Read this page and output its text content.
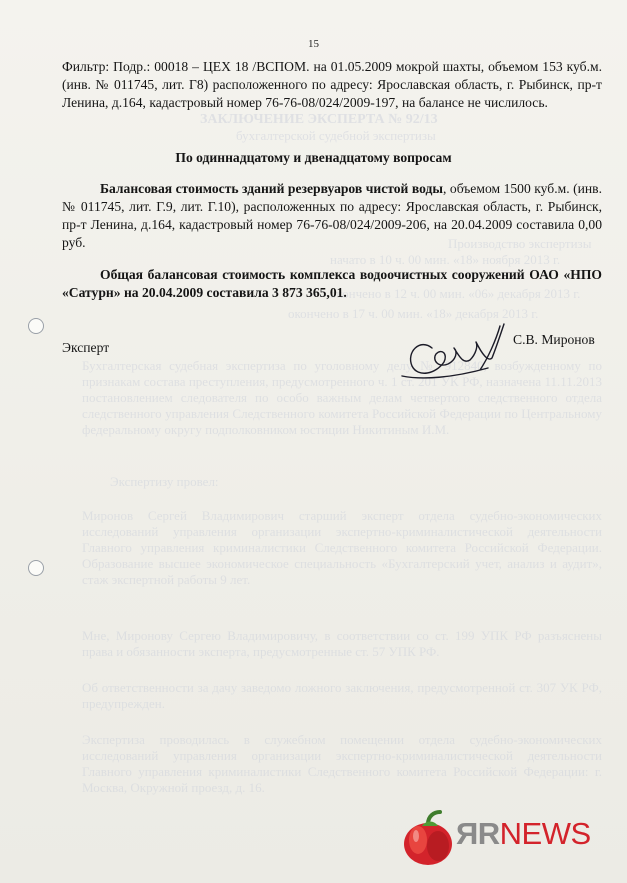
ЗАКЛЮЧЕНИЕ ЭКСПЕРТА № 92/13
бухгалтерской судебной экспертизы
Производство экспертизы
начато в 10 ч. 00 мин. «18» ноября 2013 г.
окончено в 12 ч. 00 мин. «06» декабря 2013 г.
окончено в 17 ч. 00 мин. «18» декабря 2013 г.
Бухгалтерская судебная экспертиза по уголовному делу № 912840, возбужденному по признакам состава преступления, предусмотренного ч. 1 ст. 201 УК РФ, назначена 11.11.2013 постановлением следователя по особо важным делам четвертого следственного отдела следственного управления Следственного комитета Российской Федерации по Центральному федеральному округу подполковником юстиции Никитиным И.М.
Экспертизу провел:
Миронов Сергей Владимирович старший эксперт отдела судебно-экономических исследований управления организации экспертно-криминалистической деятельности Главного управления криминалистики Следственного комитета Российской Федерации. Образование высшее экономическое специальность «Бухгалтерский учет, анализ и аудит», стаж экспертной работы 9 лет.
Мне, Миронову Сергею Владимировичу, в соответствии со ст. 199 УПК РФ разъяснены права и обязанности эксперта, предусмотренные ст. 57 УПК РФ.
Об ответственности за дачу заведомо ложного заключения, предусмотренной ст. 307 УК РФ, предупрежден.
Экспертиза проводилась в служебном помещении отдела судебно-экономических исследований управления организации экспертно-криминалистической деятельности Главного управления криминалистики Следственного комитета Российской Федерации: г. Москва, Окружной проезд, д. 16.
15
Фильтр: Подр.: 00018 – ЦЕХ 18 /ВСПОМ. на 01.05.2009 мокрой шахты, объемом 153 куб.м. (инв. № 011745, лит. Г8) расположенного по адресу: Ярославская область, г. Рыбинск, пр-т Ленина, д.164, кадастровый номер 76-76-08/024/2009-197, на балансе не числилось.
По одиннадцатому и двенадцатому вопросам
Балансовая стоимость зданий резервуаров чистой воды, объемом 1500 куб.м. (инв. № 011745, лит. Г.9, лит. Г.10), расположенных по адресу: Ярославская область, г. Рыбинск, пр-т Ленина, д.164, кадастровый номер 76-76-08/024/2009-206, на 20.04.2009 составила 0,00 руб.
Общая балансовая стоимость комплекса водоочистных сооружений ОАО «НПО «Сатурн» на 20.04.2009 составила 3 873 365,01.
Эксперт
С.В. Миронов
ЯRNEWS
